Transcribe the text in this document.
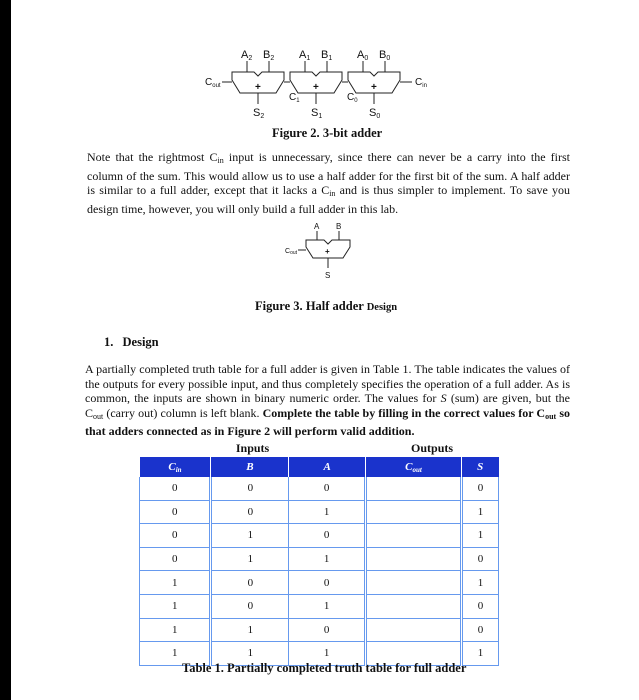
A2 B2 A1 B1 A0 B0
$C_{out}$	$C_{in}$
$C_1$	$C_0$
+	+	+
S2	S1	S0
A B
Cout	+
S
Figure 2. 3-bit adder
Note that the rightmost $C_{in}$ input is unnecessary, since there can never be a carry into the first column of the sum. This would allow us to use a half adder for the first bit of the sum. A half adder is similar to a full adder, except that it lacks a $C_{in}$ and is thus simpler to implement. To save you design time, however, you will only build a full adder in this lab.
Figure 3. Half adder Design
1. Design
A partially completed truth table for a full adder is given in Table 1. The table indicates the values of the outputs for every possible input, and thus completely specifies the operation of a full adder. As is common, the inputs are shown in binary numeric order. The values for S (sum) are given, but the $C_{out}$ (carry out) column is left blank. Complete the table by filling in the correct values for $C_{out}$ so that adders connected as in Figure 2 will perform valid addition.
Inputs			Outputs	
$C_{in}$	B	A	$C_{out}$	S
0	0	0		0
0	0	1		1
0	1	0		1
0	1	1		0
1	0	0		1
1	0	1		0
1	1	0		0
1	1	1		1
Table 1. Partially completed truth table for full adder
